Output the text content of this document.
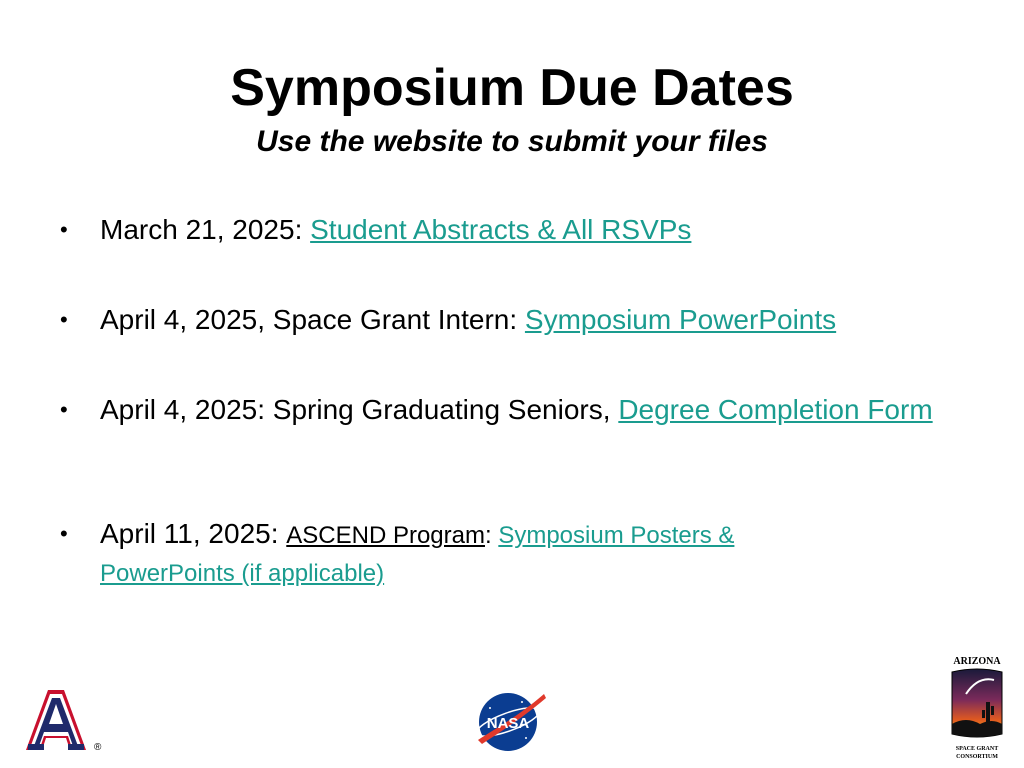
Symposium Due Dates
Use the website to submit your files
• March 21, 2025: Student Abstracts & All RSVPs
• April 4, 2025, Space Grant Intern: Symposium PowerPoints
• April 4, 2025: Spring Graduating Seniors, Degree Completion Form
• April 11, 2025: ASCEND Program: Symposium Posters & PowerPoints (if applicable)
®
NASA
ARIZONA
SPACE GRANT
CONSORTIUM
